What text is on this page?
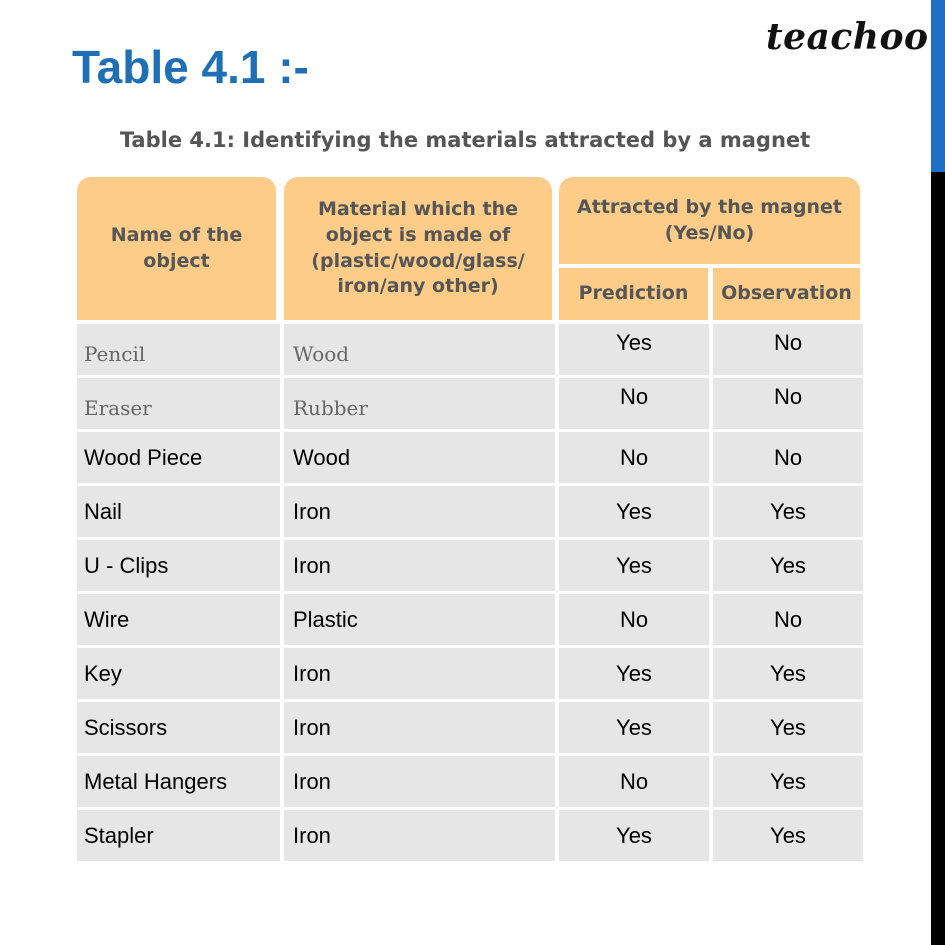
Table 4.1 :-
teachoo
Table 4.1: Identifying the materials attracted by a magnet
Name of the object
Material which the object is made of (plastic/wood/glass/ iron/any other)
Attracted by the magnet (Yes/No)
Prediction	Observation
Pencil	Wood	Yes	No
Eraser	Rubber	No	No
Wood Piece	Wood	No	No
Nail	Iron	Yes	Yes
U - Clips	Iron	Yes	Yes
Wire	Plastic	No	No
Key	Iron	Yes	Yes
Scissors	Iron	Yes	Yes
Metal Hangers	Iron	No	Yes
Stapler	Iron	Yes	Yes
